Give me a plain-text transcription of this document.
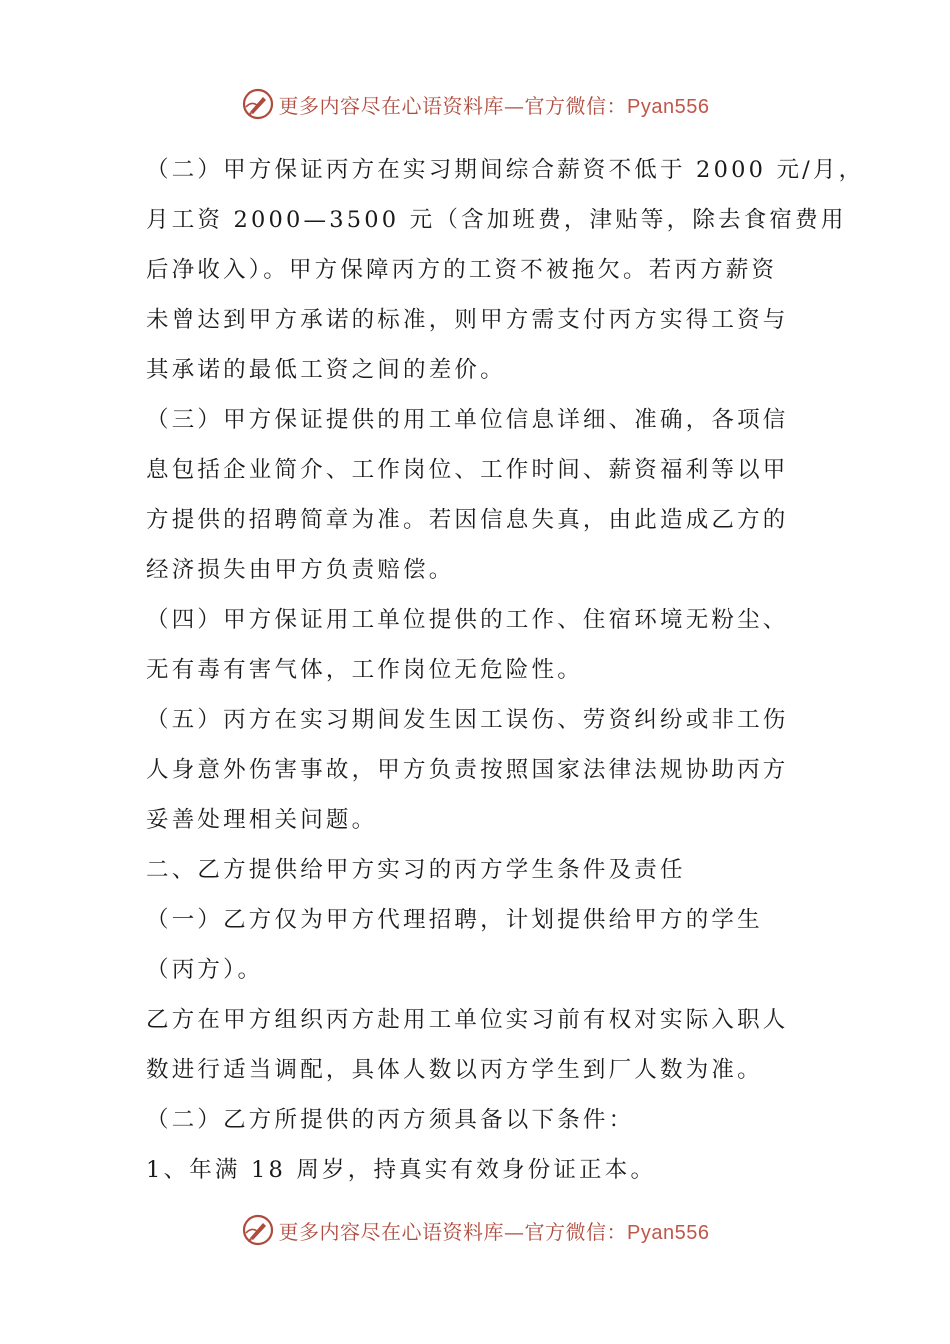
更多内容尽在心语资料库—官方微信：Pyan556
（二）甲方保证丙方在实习期间综合薪资不低于 2000 元/月，
月工资 2000—3500 元（含加班费，津贴等，除去食宿费用
后净收入）。甲方保障丙方的工资不被拖欠。若丙方薪资
未曾达到甲方承诺的标准，则甲方需支付丙方实得工资与
其承诺的最低工资之间的差价。
（三）甲方保证提供的用工单位信息详细、准确，各项信
息包括企业简介、工作岗位、工作时间、薪资福利等以甲
方提供的招聘简章为准。若因信息失真，由此造成乙方的
经济损失由甲方负责赔偿。
（四）甲方保证用工单位提供的工作、住宿环境无粉尘、
无有毒有害气体，工作岗位无危险性。
（五）丙方在实习期间发生因工误伤、劳资纠纷或非工伤
人身意外伤害事故，甲方负责按照国家法律法规协助丙方
妥善处理相关问题。
二、乙方提供给甲方实习的丙方学生条件及责任
（一）乙方仅为甲方代理招聘，计划提供给甲方的学生
（丙方）。
乙方在甲方组织丙方赴用工单位实习前有权对实际入职人
数进行适当调配，具体人数以丙方学生到厂人数为准。
（二）乙方所提供的丙方须具备以下条件：
1、年满 18 周岁，持真实有效身份证正本。
更多内容尽在心语资料库—官方微信：Pyan556
